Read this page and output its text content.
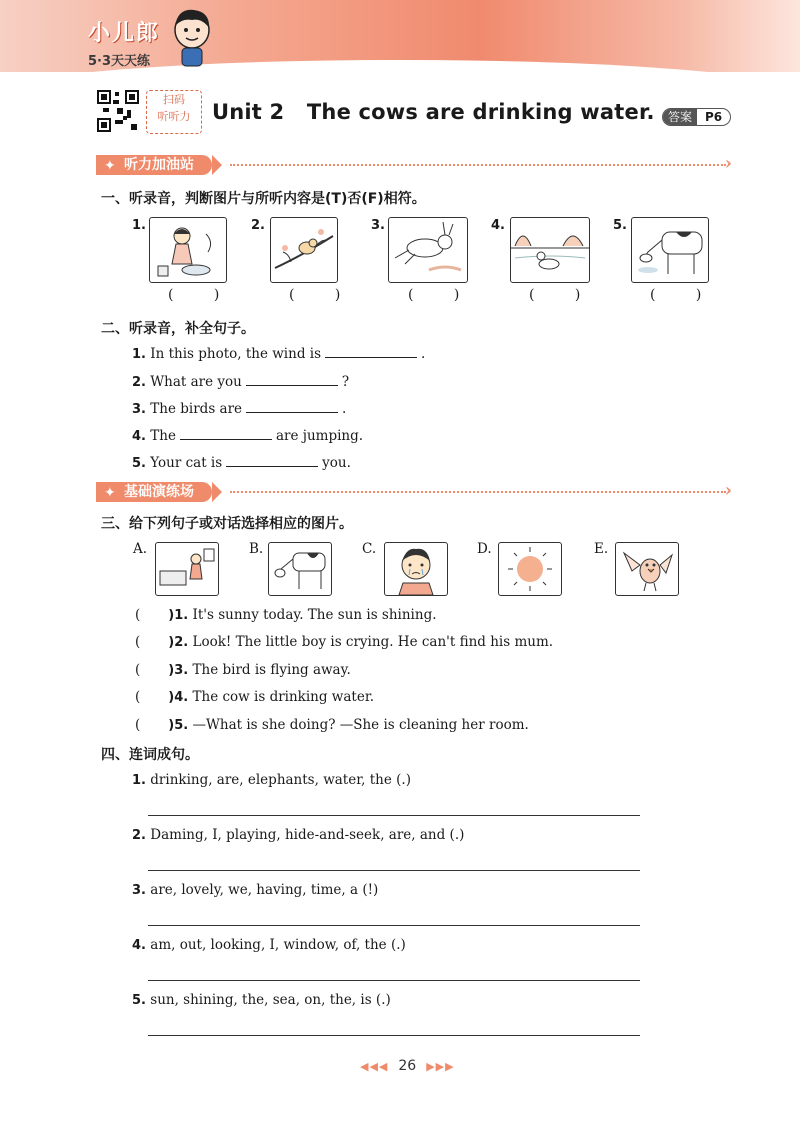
小儿郎
5·3天天练
扫码
听听力	Unit 2   The cows are drinking water.	答案	P6
✦ 听力加油站
›
一、听录音，判断图片与所听内容是(T)否(F)相符。
1.	2.	3.	4.	5.
( )	( )	( )	( )	( )
二、听录音，补全句子。
1. In this photo, the wind is	.
2. What are you	?
3. The birds are	.
4. The	are jumping.
5. Your cat is	you.
✦ 基础演练场
›
三、给下列句子或对话选择相应的图片。
A.	B.	C.	D.	E.
( )1. It's sunny today. The sun is shining.
( )2. Look! The little boy is crying. He can't find his mum.
( )3. The bird is flying away.
( )4. The cow is drinking water.
( )5. —What is she doing? —She is cleaning her room.
四、连词成句。
1. drinking, are, elephants, water, the (.)
2. Daming, I, playing, hide-and-seek, are, and (.)
3. are, lovely, we, having, time, a (!)
4. am, out, looking, I, window, of, the (.)
5. sun, shining, the, sea, on, the, is (.)
◀◀◀ 26 ▶▶▶
